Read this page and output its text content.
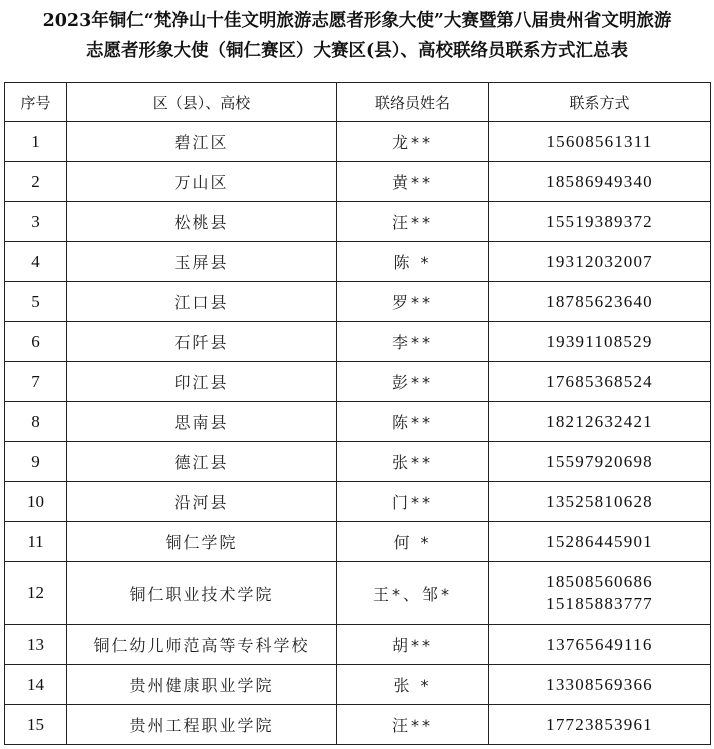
2023年铜仁“梵净山十佳文明旅游志愿者形象大使”大赛暨第八届贵州省文明旅游
志愿者形象大使（铜仁赛区）大赛区(县）、高校联络员联系方式汇总表
序号	区（县）、高校	联络员姓名	联系方式
1	碧江区	龙**	15608561311

2	万山区	黄**	18586949340

3	松桃县	汪**	15519389372

4	玉屏县	陈 *	19312032007

5	江口县	罗**	18785623640

6	石阡县	李**	19391108529

7	印江县	彭**	17685368524

8	思南县	陈**	18212632421

9	德江县	张**	15597920698

10	沿河县	门**	13525810628

11	铜仁学院	何 *	15286445901

12	铜仁职业技术学院	王*、邹*	18508560686
15185883777

13	铜仁幼儿师范高等专科学校	胡**	13765649116

14	贵州健康职业学院	张 *	13308569366

15	贵州工程职业学院	汪**	17723853961
